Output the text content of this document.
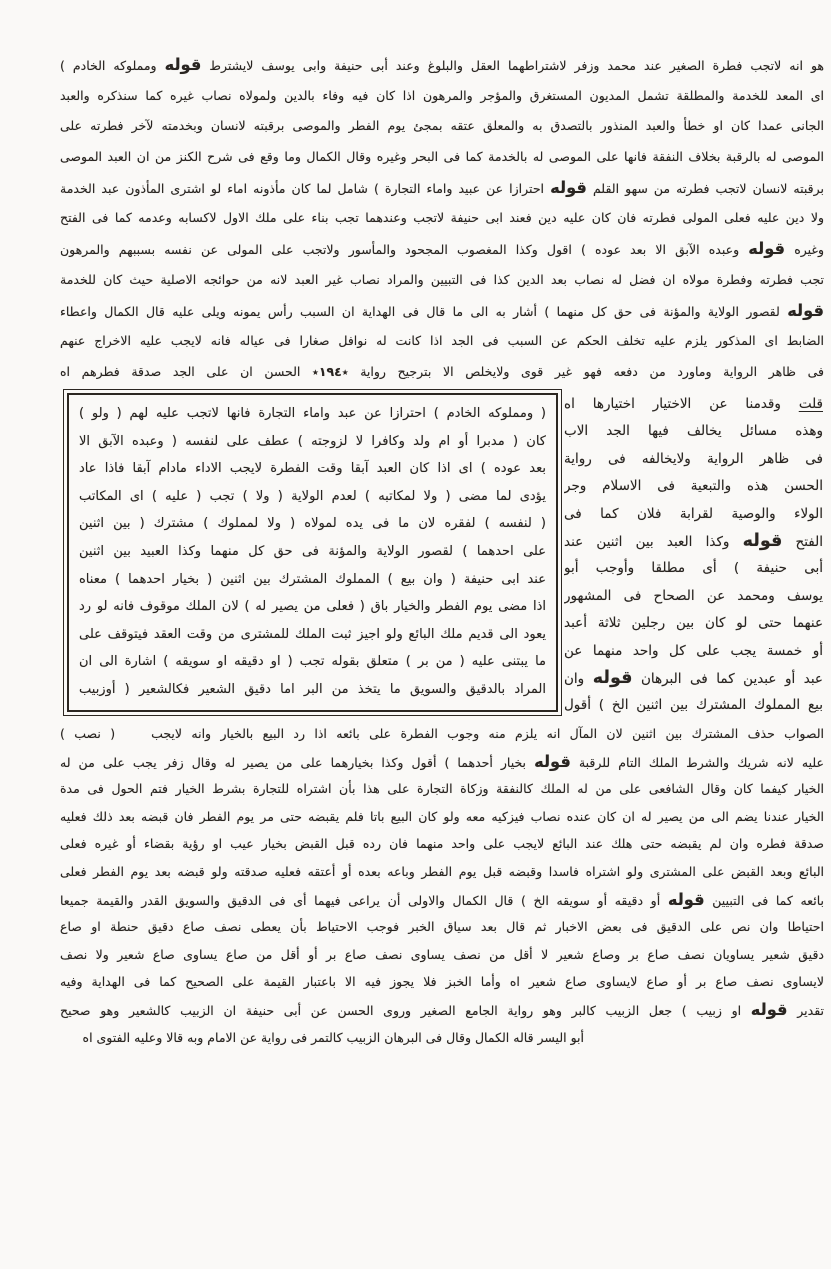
هو انه لاتجب فطرة الصغير عند محمد وزفر لاشتراطهما العقل والبلوغ وعند أبى حنيفة وابى يوسف لايشترط قوله ومملوكه الخادم )
اى المعد للخدمة والمطلقة تشمل المديون المستغرق والمؤجر والمرهون اذا كان فيه وفاء بالدين ولمولاه نصاب غيره كما سنذكره والعبد
الجانى عمدا كان او خطأ والعبد المنذور بالتصدق به والمعلق عتقه بمجئ يوم الفطر والموصى برقبته لانسان وبخدمته لآخر فطرته على
الموصى له بالرقبة بخلاف النفقة فانها على الموصى له بالخدمة كما فى البحر وغيره وقال الكمال وما وقع فى شرح الكنز من ان العبد الموصى
برقبته لانسان لاتجب فطرته من سهو القلم قوله احترازا عن عبيد واماء التجارة ) شامل لما كان مأذونه اماء لو اشترى المأذون عبد الخدمة
ولا دين عليه فعلى المولى فطرته فان كان عليه دين فعند ابى حنيفة لاتجب وعندهما تجب بناء على ملك الاول لاكسابه وعدمه كما فى الفتح
وغيره قوله وعبده الآبق الا بعد عوده ) اقول وكذا المغصوب المجحود والمأسور ولاتجب على المولى عن نفسه بسببهم والمرهون
تجب فطرته وفطرة مولاه ان فضل له نصاب بعد الدين كذا فى التبيين والمراد نصاب غير العبد لانه من حوائجه الاصلية حيث كان للخدمة
قوله لقصور الولاية والمؤنة فى حق كل منهما ) أشار به الى ما قال فى الهداية ان السبب رأس يمونه ويلى عليه قال الكمال واعطاء
الضابط اى المذكور يلزم عليه تخلف الحكم عن السبب فى الجد اذا كانت له نوافل صغارا فى عياله فانه لايجب عليه الاخراج عنهم
فى ظاهر الرواية وماورد من دفعه فهو غير قوى ولايخلص الا بترجيح رواية ٭١٩٤٭ الحسن ان على الجد صدقة فطرهم اه
( ومملوكه الخادم ) احترازا عن عبد واماء التجارة فانها لاتجب عليه لهم ( ولو )
كان ( مدبرا أو ام ولد وكافرا لا لزوجته ) عطف على لنفسه ( وعبده الآبق الا
بعد عوده ) اى اذا كان العبد آبقا وقت الفطرة لايجب الاداء مادام آبقا فاذا عاد
يؤدى لما مضى ( ولا لمكاتبه ) لعدم الولاية ( ولا ) تجب ( عليه ) اى المكاتب
( لنفسه ) لفقره لان ما فى يده لمولاه ( ولا لمملوك ) مشترك ( بين اثنين
على احدهما ) لقصور الولاية والمؤنة فى حق كل منهما وكذا العبيد بين اثنين
عند ابى حنيفة ( وان بيع ) المملوك المشترك بين اثنين ( بخيار احدهما ) معناه
اذا مضى يوم الفطر والخيار باق ( فعلى من يصير له ) لان الملك موقوف فانه لو رد
يعود الى قديم ملك البائع ولو اجيز ثبت الملك للمشترى من وقت العقد فيتوقف على
ما يبتنى عليه ( من بر ) متعلق بقوله تجب ( او دقيقه او سويقه ) اشارة الى ان
المراد بالدقيق والسويق ما يتخذ من البر اما دقيق الشعير فكالشعير ( أوزبيب
قلت وقدمنا عن الاختيار اختيارها اه
وهذه مسائل يخالف فيها الجد الاب
فى ظاهر الرواية ولايخالفه فى رواية
الحسن هذه والتبعية فى الاسلام وجر
الولاء والوصية لقرابة فلان كما فى
الفتح قوله وكذا العبد بين اثنين عند
أبى حنيفة ) أى مطلقا وأوجب أبو
يوسف ومحمد عن الصحاح فى المشهور
عنهما حتى لو كان بين رجلين ثلاثة أعبد
أو خمسة يجب على كل واحد منهما عن
عبد أو عبدين كما فى البرهان قوله وان
بيع المملوك المشترك بين اثنين الخ ) أقول
الصواب حذف المشترك بين اثنين لان المآل انه يلزم منه وجوب الفطرة على بائعه اذا رد البيع بالخيار وانه لايجب( نصب )
عليه لانه شريك والشرط الملك التام للرقبة قوله بخيار أحدهما ) أقول وكذا بخيارهما على من يصير له وقال زفر يجب على من له
الخيار كيفما كان وقال الشافعى على من له الملك كالنفقة وزكاة التجارة على هذا بأن اشتراه للتجارة بشرط الخيار فتم الحول فى مدة
الخيار عندنا يضم الى من يصير له ان كان عنده نصاب فيزكيه معه ولو كان البيع باتا فلم يقبضه حتى مر يوم الفطر فان قبضه بعد ذلك فعليه
صدقة فطره وان لم يقبضه حتى هلك عند البائع لايجب على واحد منهما فان رده قبل القبض بخيار عيب او رؤية بقضاء أو غيره فعلى
البائع وبعد القبض على المشترى ولو اشتراه فاسدا وقبضه قبل يوم الفطر وباعه بعده أو أعتقه فعليه صدقته ولو قبضه بعد يوم الفطر فعلى
بائعه كما فى التبيين قوله أو دقيقه أو سويقه الخ ) قال الكمال والاولى أن يراعى فيهما أى فى الدقيق والسويق القدر والقيمة جميعا
احتياطا وان نص على الدقيق فى بعض الاخبار ثم قال بعد سياق الخبر فوجب الاحتياط بأن يعطى نصف صاع دقيق حنطة او صاع
دقيق شعير يساويان نصف صاع بر وصاع شعير لا أقل من نصف يساوى نصف صاع بر أو أقل من صاع يساوى صاع شعير ولا نصف
لايساوى نصف صاع بر أو صاع لايساوى صاع شعير اه وأما الخبز فلا يجوز فيه الا باعتبار القيمة على الصحيح كما فى الهداية وفيه
تقدير قوله او زبيب ) جعل الزبيب كالبر وهو رواية الجامع الصغير وروى الحسن عن أبى حنيفة ان الزبيب كالشعير وهو صحيح
أبو اليسر قاله الكمال وقال فى البرهان الزبيب كالتمر فى رواية عن الامام وبه قالا وعليه الفتوى اه
